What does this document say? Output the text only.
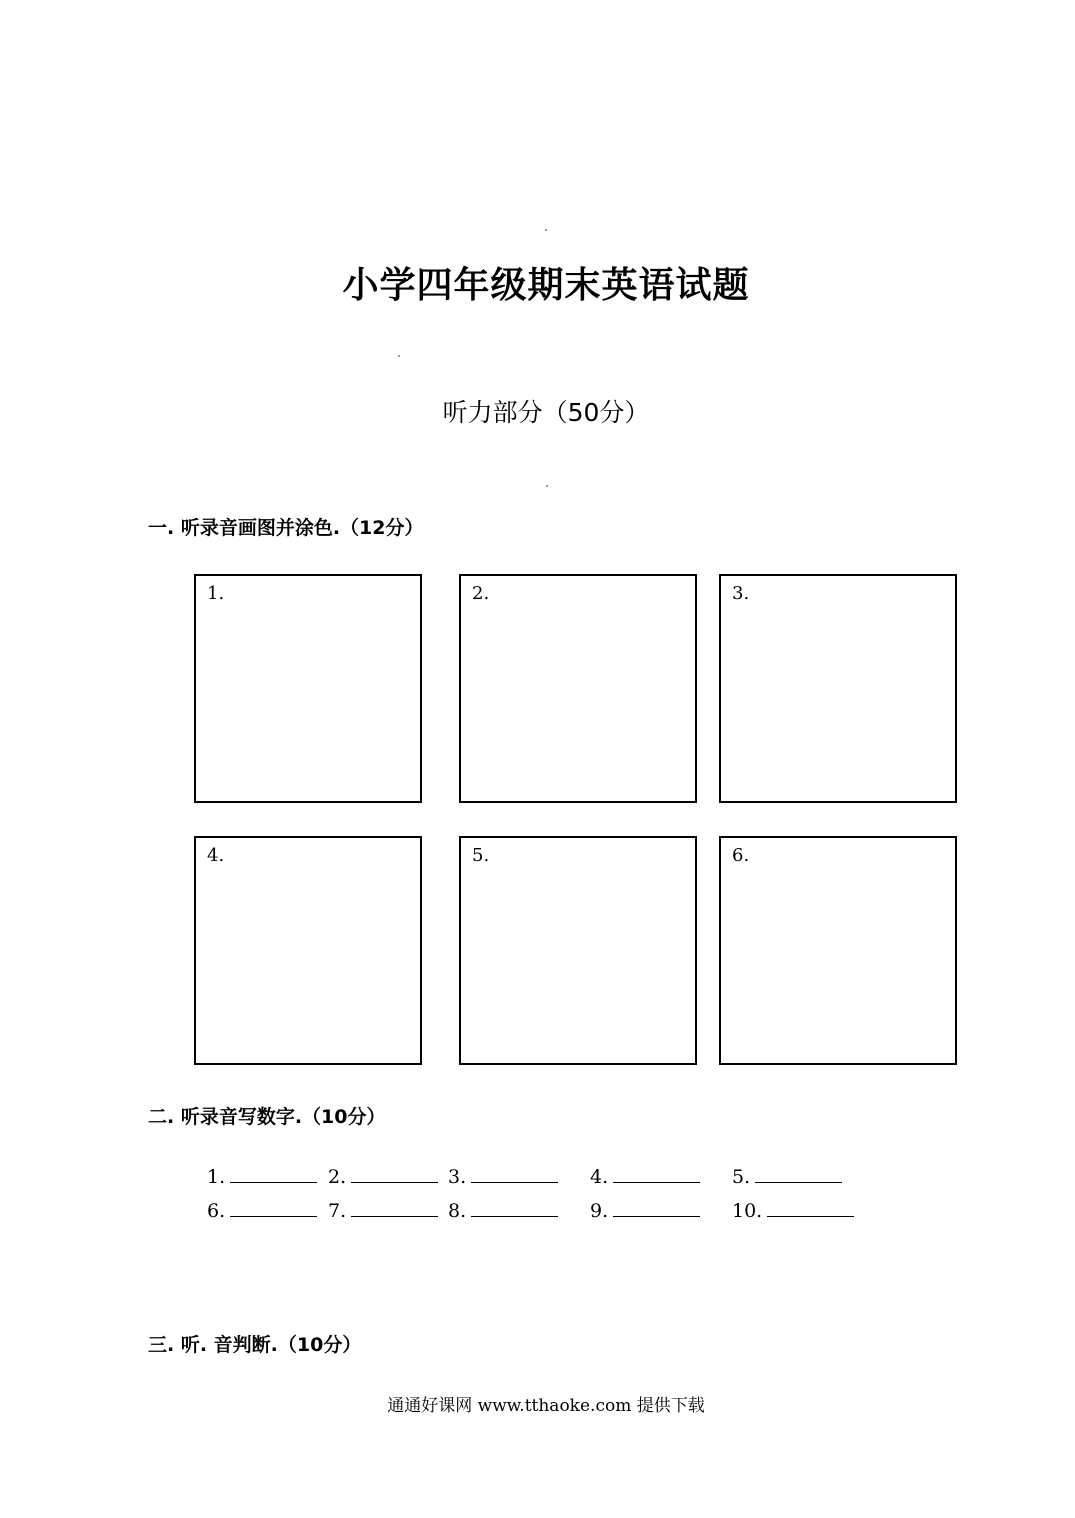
小学四年级期末英语试题
听力部分（50分）
一. 听录音画图并涂色.（12分）
1.	2.	3.
4.	5.	6.
二. 听录音写数字.（10分）
1.	2.	3.	4.	5.
6.	7.	8.	9.	10.
三. 听. 音判断.（10分）
通通好课网 www.tthaoke.com 提供下载
